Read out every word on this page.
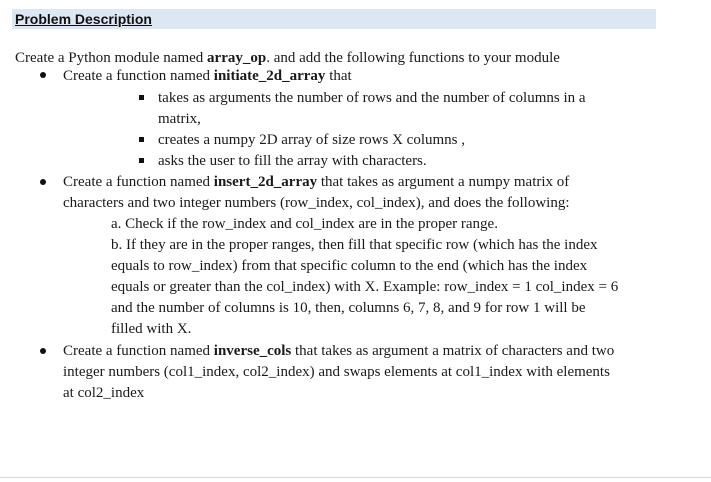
Problem Description
Create a Python module named array_op. and add the following functions to your module
Create a function named initiate_2d_array that
takes as arguments the number of rows and the number of columns in a
matrix,
creates a numpy 2D array of size rows X columns ,
asks the user to fill the array with characters.
Create a function named insert_2d_array that takes as argument a numpy matrix of
characters and two integer numbers (row_index, col_index), and does the following:
a. Check if the row_index and col_index are in the proper range.
b. If they are in the proper ranges, then fill that specific row (which has the index
equals to row_index) from that specific column to the end (which has the index
equals or greater than the col_index) with X. Example: row_index = 1 col_index = 6
and the number of columns is 10, then, columns 6, 7, 8, and 9 for row 1 will be
filled with X.
Create a function named inverse_cols that takes as argument a matrix of characters and two
integer numbers (col1_index, col2_index) and swaps elements at col1_index with elements
at col2_index
